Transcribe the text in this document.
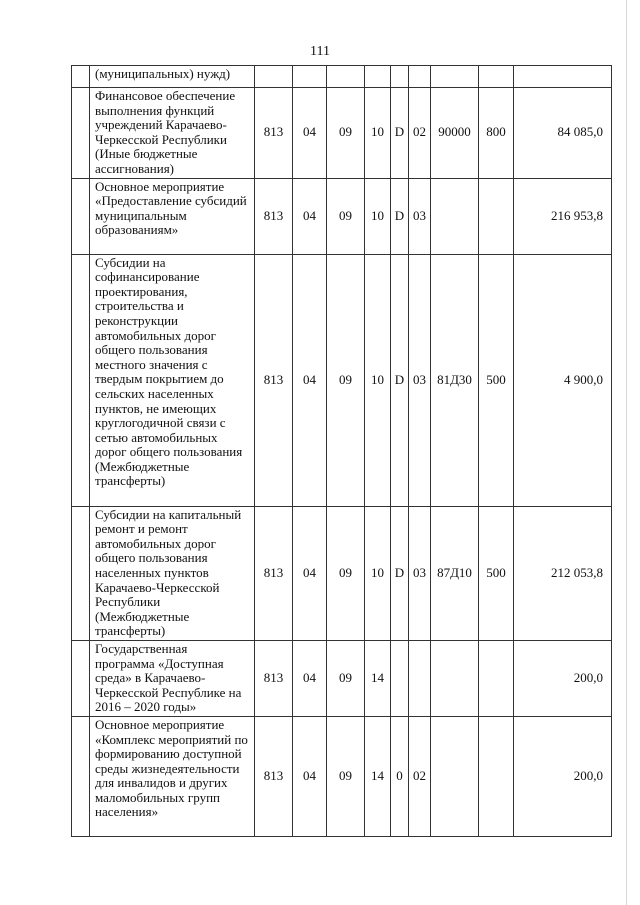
111
	(муниципальных) нужд)									
	Финансовое обеспечение выполнения функций учреждений Карачаево-Черкесской Республики (Иные бюджетные ассигнования)	813	04	09	10	D	02	90000	800	84 085,0
	Основное мероприятие «Предоставление субсидий муниципальным образованиям»	813	04	09	10	D	03			216 953,8
	Субсидии на софинансирование проектирования, строительства и реконструкции автомобильных дорог общего пользования местного значения с твердым покрытием до сельских населенных пунктов, не имеющих круглогодичной связи с сетью автомобильных дорог общего пользования (Межбюджетные трансферты)	813	04	09	10	D	03	81Д30	500	4 900,0
	Субсидии на капитальный ремонт и ремонт автомобильных дорог общего пользования населенных пунктов Карачаево-Черкесской Республики (Межбюджетные трансферты)	813	04	09	10	D	03	87Д10	500	212 053,8
	Государственная программа «Доступная среда» в Карачаево-Черкесской Республике на 2016 – 2020 годы»	813	04	09	14					200,0
	Основное мероприятие «Комплекс мероприятий по формированию доступной среды жизнедеятельности для инвалидов и других маломобильных групп населения»	813	04	09	14	0	02			200,0
